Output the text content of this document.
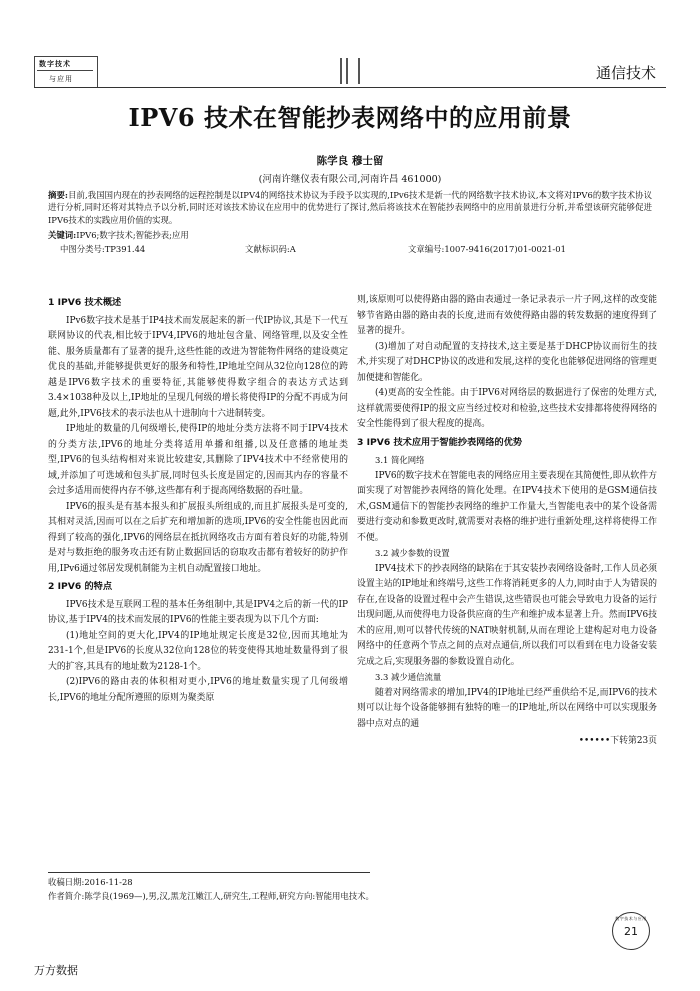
数字技术
与应用	通信技术
IPV6 技术在智能抄表网络中的应用前景
陈学良 穆士留
(河南许继仪表有限公司,河南许昌 461000)
摘要:目前,我国国内现在的抄表网络的远程控制是以IPV4的网络技术协议为手段予以实现的,IPv6技术是新一代的网络数字技术协议,本文将对IPV6的数字技术协议进行分析,同时还将对其特点予以分析,同时还对该技术协议在应用中的优势进行了探讨,然后将该技术在智能抄表网络中的应用前景进行分析,并希望该研究能够促进IPV6技术的实践应用价值的实现。
关键词:IPV6;数字技术;智能抄表;应用
中图分类号:TP391.44	文献标识码:A	文章编号:1007-9416(2017)01-0021-01
1 IPV6 技术概述

IPv6数字技术是基于IP4技术而发展起来的新一代IP协议,其是下一代互联网协议的代表,相比较于IPV4,IPV6的地址包含量、网络管理,以及安全性能、服务质量都有了显著的提升,这些性能的改进为智能物件网络的建设奠定优良的基础,并能够提供更好的服务和特性,IP地址空间从32位向128位的跨越是IPV6数字技术的重要特征,其能够使得数字组合的表达方式达到3.4×1038种及以上,IP地址的呈现几何级的增长将使得IP的分配不再成为问题,此外,IPV6技术的表示法也从十进制向十六进制转变。

IP地址的数量的几何级增长,使得IP的地址分类方法将不同于IPV4技术的分类方法,IPV6的地址分类将适用单播和组播,以及任意播的地址类型,IPV6的包头结构相对来说比较建安,其删除了IPV4技术中不经常使用的域,并添加了可选域和包头扩展,同时包头长度是固定的,因而其内存的容量不会过多适用而使得内存不够,这些都有利于提高网络数据的吞吐量。

IPV6的报头是有基本报头和扩展报头所组成的,而且扩展报头是可变的,其相对灵活,因而可以在之后扩充和增加新的选项,IPV6的安全性能也因此而得到了较高的强化,IPV6的网络层在抵抗网络攻击方面有着良好的功能,特别是对与数拒绝的服务攻击还有防止数据回话的窃取攻击都有着较好的防护作用,IPv6通过邻居发现机制能为主机自动配置接口地址。

2 IPV6 的特点

IPV6技术是互联网工程的基本任务组制中,其是IPV4之后的新一代的IP协议,基于IPV4的技术而发展的IPV6的性能主要表现为以下几个方面:

(1)地址空间的更大化,IPV4的IP地址规定长度是32位,因而其地址为231-1个,但是IPV6的长度从32位向128位的转变使得其地址数量得到了很大的扩容,其具有的地址数为2128-1个。

(2)IPV6的路由表的体积相对更小,IPV6的地址数量实现了几何级增长,IPV6的地址分配所遵照的原则为聚类原

则,该原则可以使得路由器的路由表通过一条记录表示一片子网,这样的改变能够节省路由器的路由表的长度,进而有效使得路由器的转发数据的速度得到了显著的提升。

(3)增加了对自动配置的支持技术,这主要是基于DHCP协议而衍生的技术,并实现了对DHCP协议的改进和发展,这样的变化也能够促进网络的管理更加便捷和智能化。

(4)更高的安全性能。由于IPV6对网络层的数据进行了保密的处理方式,这样就需要使得IP的报文应当经过校对和检验,这些技术安排都将使得网络的安全性能得到了很大程度的提高。

3 IPV6 技术应用于智能抄表网络的优势

3.1 简化网络

IPV6的数字技术在智能电表的网络应用主要表现在其简便性,即从软件方面实现了对智能抄表网络的简化处理。在IPV4技术下使用的是GSM通信技术,GSM通信下的智能抄表网络的维护工作量大,当智能电表中的某个设备需要进行变动和参数更改时,就需要对表格的维护进行重新处理,这样将使得工作不便。

3.2 减少参数的设置

IPV4技术下的抄表网络的缺陷在于其安装抄表网络设备时,工作人员必须设置主站的IP地址和终端号,这些工作将消耗更多的人力,同时由于人为错误的存在,在设备的设置过程中会产生错误,这些错误也可能会导致电力设备的运行出现问题,从而使得电力设备供应商的生产和维护成本显著上升。然而IPV6技术的应用,则可以替代传统的NAT映射机制,从而在理论上建构起对电力设备网络中的任意两个节点之间的点对点通信,所以我们可以看到在电力设备安装完成之后,实现服务器的参数设置自动化。

3.3 减少通信流量

随着对网络需求的增加,IPV4的IP地址已经严重供给不足,而IPV6的技术则可以让每个设备能够拥有独特的唯一的IP地址,所以在网络中可以实现服务器中点对点的通

••••••下转第23页
收稿日期:2016-11-28
作者简介:陈学良(1969—),男,汉,黑龙江嫩江人,研究生,工程师,研究方向:智能用电技术。
数字技术与应用
21
万方数据
